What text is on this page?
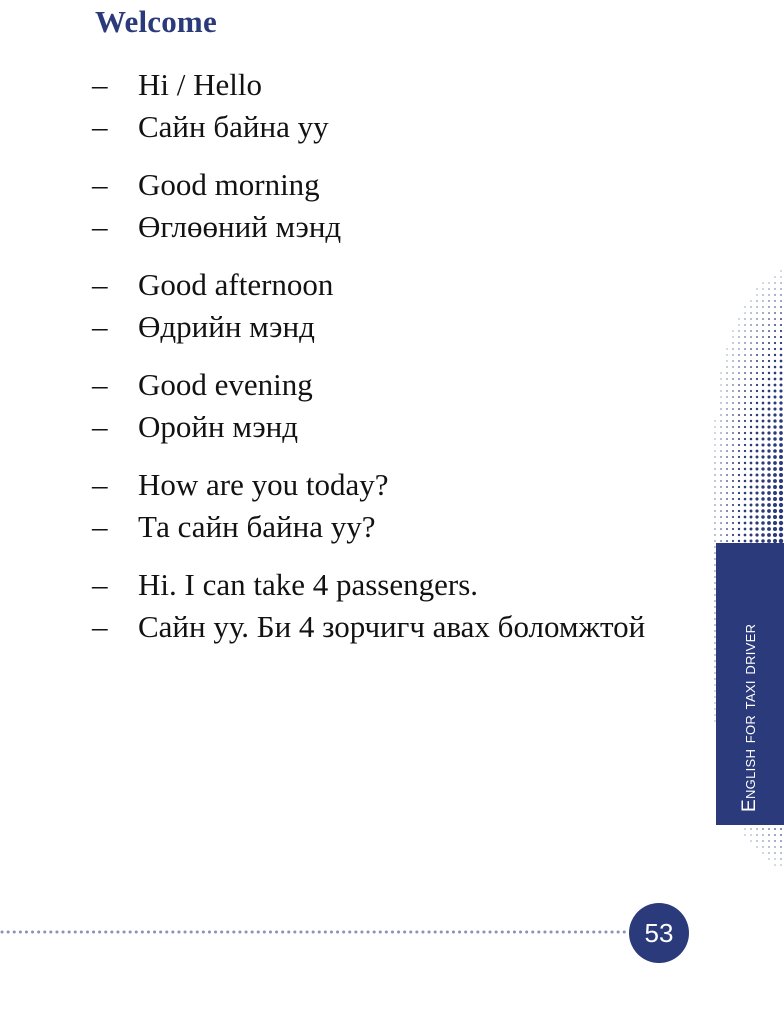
Welcome
– Hi / Hello
– Сайн байна уу
– Good morning
– Өглөөний мэнд
– Good afternoon
– Өдрийн мэнд
– Good evening
– Оройн мэнд
– How are you today?
– Та сайн байна уу?
– Hi. I can take 4 passengers.
– Сайн уу. Би 4 зорчигч авах боломжтой	English for taxi driver
53
